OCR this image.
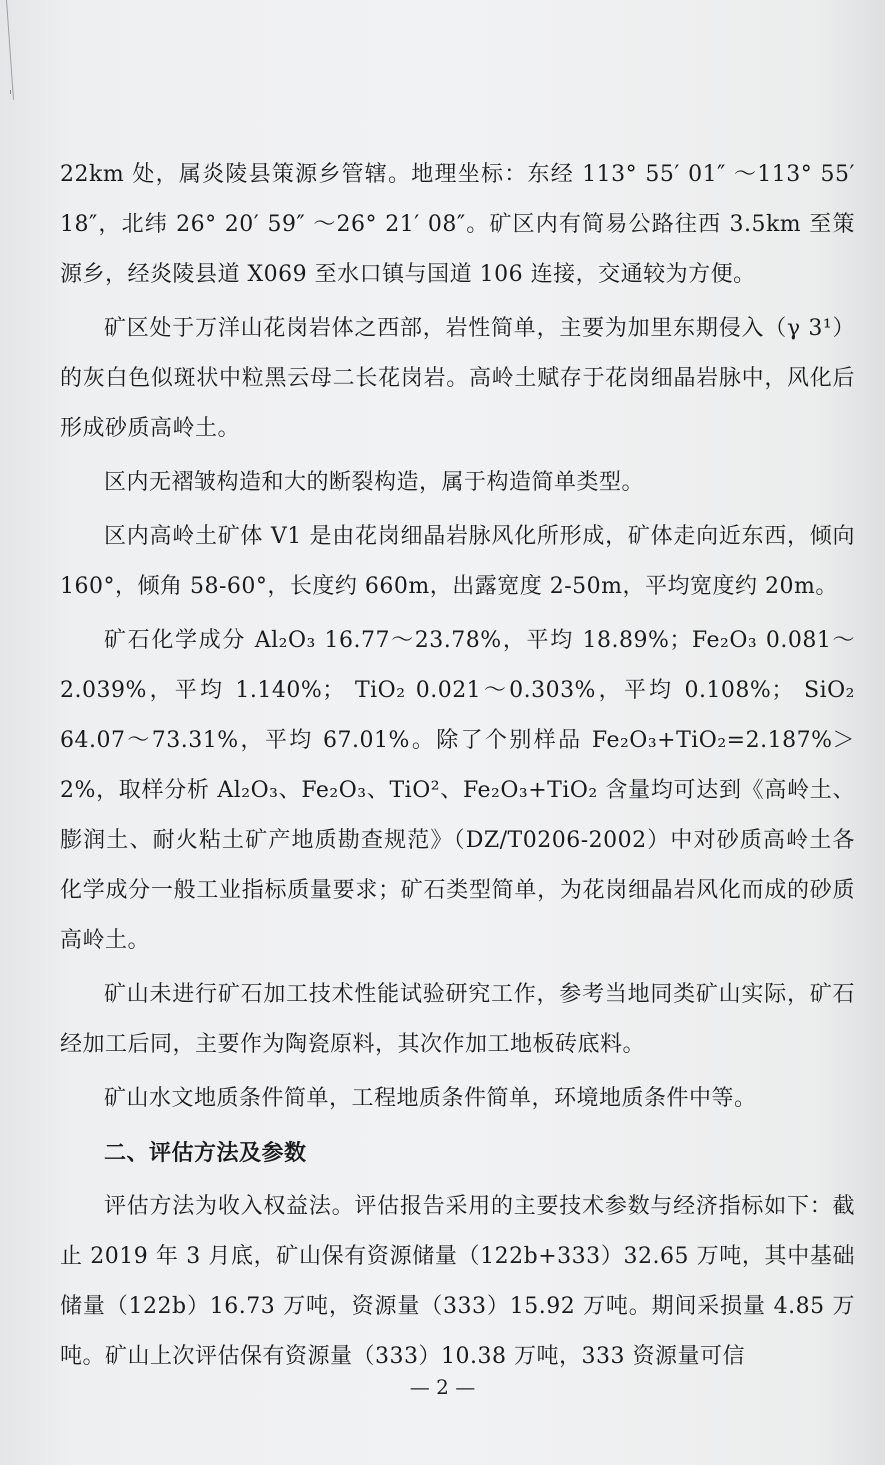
22km 处，属炎陵县策源乡管辖。地理坐标：东经 113° 55′ 01″ ～113° 55′ 18″，北纬 26° 20′ 59″ ～26° 21′ 08″。矿区内有简易公路往西 3.5km 至策源乡，经炎陵县道 X069 至水口镇与国道 106 连接，交通较为方便。

矿区处于万洋山花岗岩体之西部，岩性简单，主要为加里东期侵入（γ 3¹）的灰白色似斑状中粒黑云母二长花岗岩。高岭土赋存于花岗细晶岩脉中，风化后形成砂质高岭土。

区内无褶皱构造和大的断裂构造，属于构造简单类型。

区内高岭土矿体 V1 是由花岗细晶岩脉风化所形成，矿体走向近东西，倾向 160°，倾角 58-60°，长度约 660m，出露宽度 2-50m，平均宽度约 20m。

矿石化学成分 Al₂O₃ 16.77～23.78%，平均 18.89%；Fe₂O₃ 0.081～2.039%，平均 1.140%； TiO₂ 0.021～0.303%，平均 0.108%； SiO₂ 64.07～73.31%，平均 67.01%。除了个别样品 Fe₂O₃+TiO₂=2.187%＞2%，取样分析 Al₂O₃、Fe₂O₃、TiO²、Fe₂O₃+TiO₂ 含量均可达到《高岭土、膨润土、耐火粘土矿产地质勘查规范》（DZ/T0206-2002）中对砂质高岭土各化学成分一般工业指标质量要求；矿石类型简单，为花岗细晶岩风化而成的砂质高岭土。

矿山未进行矿石加工技术性能试验研究工作，参考当地同类矿山实际，矿石经加工后同，主要作为陶瓷原料，其次作加工地板砖底料。

矿山水文地质条件简单，工程地质条件简单，环境地质条件中等。

二、评估方法及参数

评估方法为收入权益法。评估报告采用的主要技术参数与经济指标如下：截止 2019 年 3 月底，矿山保有资源储量（122b+333）32.65 万吨，其中基础储量（122b）16.73 万吨，资源量（333）15.92 万吨。期间采损量 4.85 万吨。矿山上次评估保有资源量（333）10.38 万吨，333 资源量可信

— 2 —
